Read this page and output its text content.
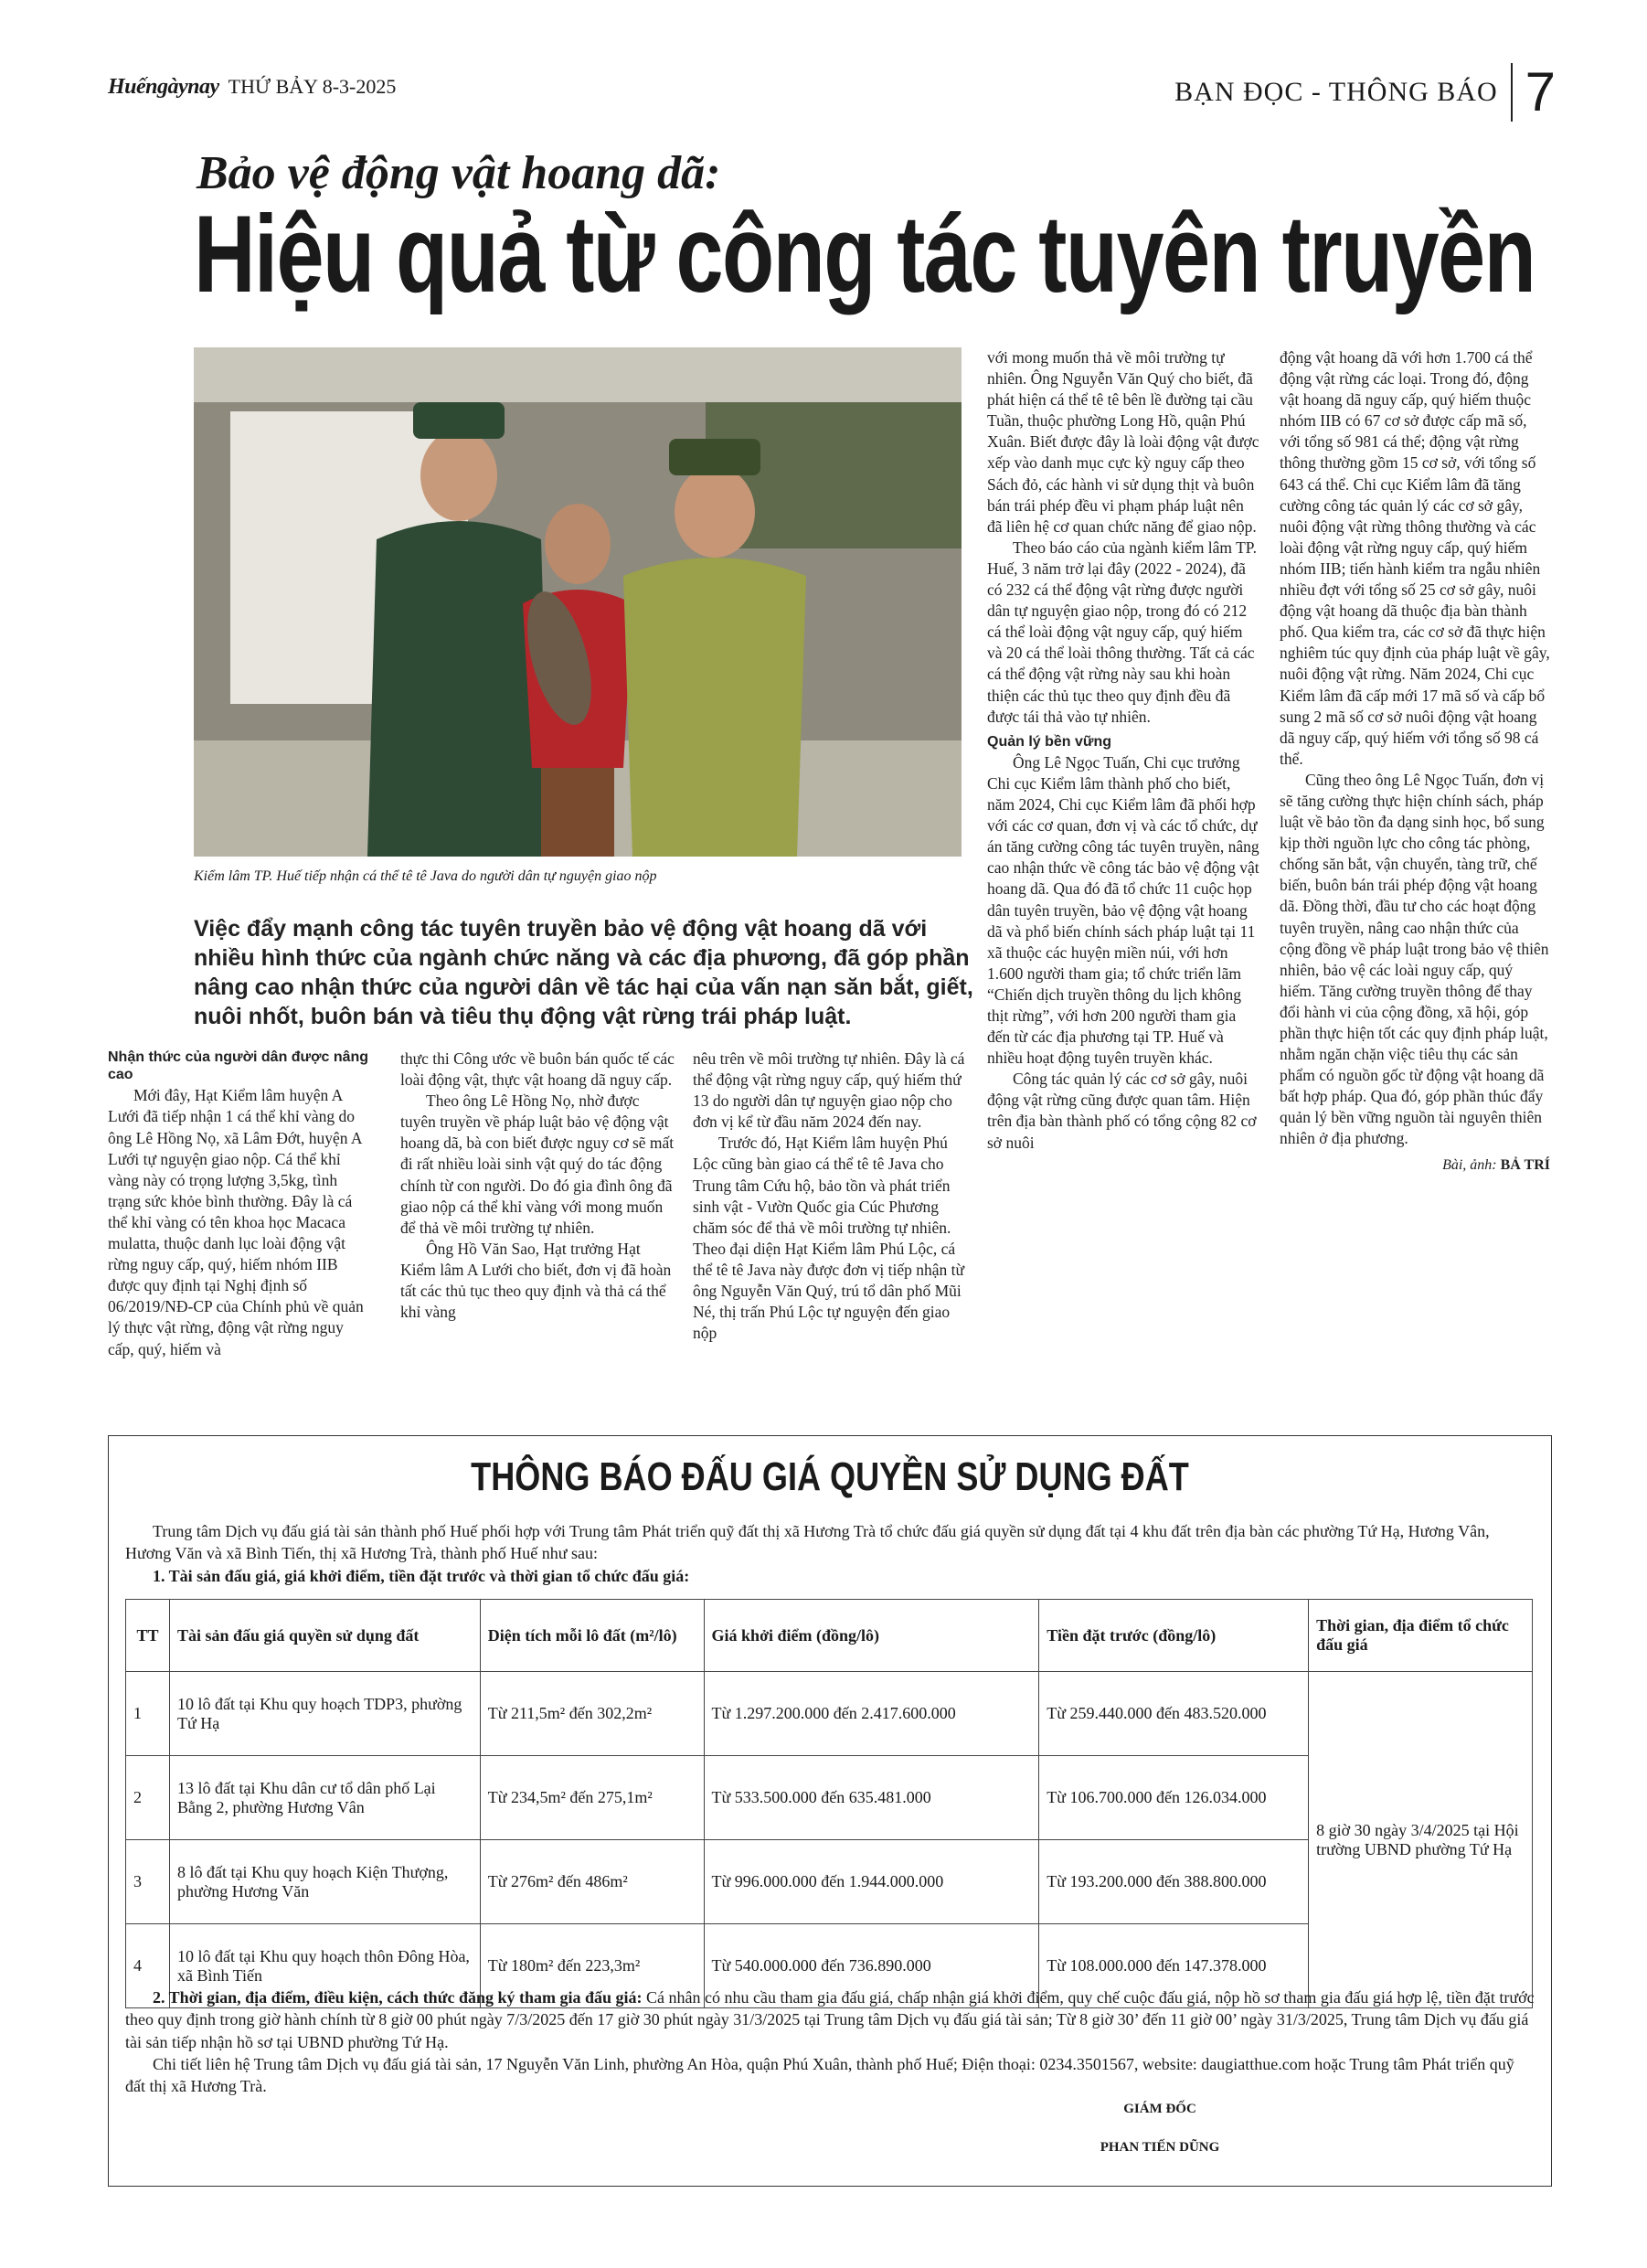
Huếngàynay THỨ BẢY 8-3-2025	BẠN ĐỌC - THÔNG BÁO 7
Bảo vệ động vật hoang dã:
Hiệu quả từ công tác tuyên truyền
Kiểm lâm TP. Huế tiếp nhận cá thể tê tê Java do người dân tự nguyện giao nộp
Việc đẩy mạnh công tác tuyên truyền bảo vệ động vật hoang dã với nhiều hình thức của ngành chức năng và các địa phương, đã góp phần nâng cao nhận thức của người dân về tác hại của vấn nạn săn bắt, giết, nuôi nhốt, buôn bán và tiêu thụ động vật rừng trái pháp luật.
Nhận thức của người dân được nâng cao

Mới đây, Hạt Kiểm lâm huyện A Lưới đã tiếp nhận 1 cá thể khỉ vàng do ông Lê Hồng Nọ, xã Lâm Đớt, huyện A Lưới tự nguyện giao nộp. Cá thể khỉ vàng này có trọng lượng 3,5kg, tình trạng sức khỏe bình thường. Đây là cá thể khỉ vàng có tên khoa học Macaca mulatta, thuộc danh lục loài động vật rừng nguy cấp, quý, hiếm nhóm IIB được quy định tại Nghị định số 06/2019/NĐ-CP của Chính phủ về quản lý thực vật rừng, động vật rừng nguy cấp, quý, hiếm và

thực thi Công ước về buôn bán quốc tế các loài động vật, thực vật hoang dã nguy cấp.

Theo ông Lê Hồng Nọ, nhờ được tuyên truyền về pháp luật bảo vệ động vật hoang dã, bà con biết được nguy cơ sẽ mất đi rất nhiều loài sinh vật quý do tác động chính từ con người. Do đó gia đình ông đã giao nộp cá thể khỉ vàng với mong muốn để thả về môi trường tự nhiên.

Ông Hồ Văn Sao, Hạt trưởng Hạt Kiểm lâm A Lưới cho biết, đơn vị đã hoàn tất các thủ tục theo quy định và thả cá thể khỉ vàng

nêu trên về môi trường tự nhiên. Đây là cá thể động vật rừng nguy cấp, quý hiếm thứ 13 do người dân tự nguyện giao nộp cho đơn vị kể từ đầu năm 2024 đến nay.

Trước đó, Hạt Kiểm lâm huyện Phú Lộc cũng bàn giao cá thể tê tê Java cho Trung tâm Cứu hộ, bảo tồn và phát triển sinh vật - Vườn Quốc gia Cúc Phương chăm sóc để thả về môi trường tự nhiên. Theo đại diện Hạt Kiểm lâm Phú Lộc, cá thể tê tê Java này được đơn vị tiếp nhận từ ông Nguyễn Văn Quý, trú tổ dân phố Mũi Né, thị trấn Phú Lộc tự nguyện đến giao nộp

với mong muốn thả về môi trường tự nhiên. Ông Nguyễn Văn Quý cho biết, đã phát hiện cá thể tê tê bên lề đường tại cầu Tuần, thuộc phường Long Hồ, quận Phú Xuân. Biết được đây là loài động vật được xếp vào danh mục cực kỳ nguy cấp theo Sách đỏ, các hành vi sử dụng thịt và buôn bán trái phép đều vi phạm pháp luật nên đã liên hệ cơ quan chức năng để giao nộp.

Theo báo cáo của ngành kiểm lâm TP. Huế, 3 năm trở lại đây (2022 - 2024), đã có 232 cá thể động vật rừng được người dân tự nguyện giao nộp, trong đó có 212 cá thể loài động vật nguy cấp, quý hiếm và 20 cá thể loài thông thường. Tất cả các cá thể động vật rừng này sau khi hoàn thiện các thủ tục theo quy định đều đã được tái thả vào tự nhiên.

Quản lý bền vững

Ông Lê Ngọc Tuấn, Chi cục trưởng Chi cục Kiểm lâm thành phố cho biết, năm 2024, Chi cục Kiểm lâm đã phối hợp với các cơ quan, đơn vị và các tổ chức, dự án tăng cường công tác tuyên truyền, nâng cao nhận thức về công tác bảo vệ động vật hoang dã. Qua đó đã tổ chức 11 cuộc họp dân tuyên truyền, bảo vệ động vật hoang dã và phổ biến chính sách pháp luật tại 11 xã thuộc các huyện miền núi, với hơn 1.600 người tham gia; tổ chức triển lãm “Chiến dịch truyền thông du lịch không thịt rừng”, với hơn 200 người tham gia đến từ các địa phương tại TP. Huế và nhiều hoạt động tuyên truyền khác.

Công tác quản lý các cơ sở gây, nuôi động vật rừng cũng được quan tâm. Hiện trên địa bàn thành phố có tổng cộng 82 cơ sở nuôi

động vật hoang dã với hơn 1.700 cá thể động vật rừng các loại. Trong đó, động vật hoang dã nguy cấp, quý hiếm thuộc nhóm IIB có 67 cơ sở được cấp mã số, với tổng số 981 cá thể; động vật rừng thông thường gồm 15 cơ sở, với tổng số 643 cá thể. Chi cục Kiểm lâm đã tăng cường công tác quản lý các cơ sở gây, nuôi động vật rừng thông thường và các loài động vật rừng nguy cấp, quý hiếm nhóm IIB; tiến hành kiểm tra ngẫu nhiên nhiều đợt với tổng số 25 cơ sở gây, nuôi động vật hoang dã thuộc địa bàn thành phố. Qua kiểm tra, các cơ sở đã thực hiện nghiêm túc quy định của pháp luật về gây, nuôi động vật rừng. Năm 2024, Chi cục Kiểm lâm đã cấp mới 17 mã số và cấp bổ sung 2 mã số cơ sở nuôi động vật hoang dã nguy cấp, quý hiếm với tổng số 98 cá thể.

Cũng theo ông Lê Ngọc Tuấn, đơn vị sẽ tăng cường thực hiện chính sách, pháp luật về bảo tồn đa dạng sinh học, bổ sung kịp thời nguồn lực cho công tác phòng, chống săn bắt, vận chuyển, tàng trữ, chế biến, buôn bán trái phép động vật hoang dã. Đồng thời, đầu tư cho các hoạt động tuyên truyền, nâng cao nhận thức của cộng đồng về pháp luật trong bảo vệ thiên nhiên, bảo vệ các loài nguy cấp, quý hiếm. Tăng cường truyền thông để thay đổi hành vi của cộng đồng, xã hội, góp phần thực hiện tốt các quy định pháp luật, nhằm ngăn chặn việc tiêu thụ các sản phẩm có nguồn gốc từ động vật hoang dã bất hợp pháp. Qua đó, góp phần thúc đẩy quản lý bền vững nguồn tài nguyên thiên nhiên ở địa phương.

Bài, ảnh: BẢ TRÍ
THÔNG BÁO ĐẤU GIÁ QUYỀN SỬ DỤNG ĐẤT

Trung tâm Dịch vụ đấu giá tài sản thành phố Huế phối hợp với Trung tâm Phát triển quỹ đất thị xã Hương Trà tổ chức đấu giá quyền sử dụng đất tại 4 khu đất trên địa bàn các phường Tứ Hạ, Hương Vân, Hương Văn và xã Bình Tiến, thị xã Hương Trà, thành phố Huế như sau:

1. Tài sản đấu giá, giá khởi điểm, tiền đặt trước và thời gian tổ chức đấu giá:

TT	Tài sản đấu giá quyền sử dụng đất	Diện tích mỗi lô đất (m²/lô)	Giá khởi điểm (đồng/lô)	Tiền đặt trước (đồng/lô)	Thời gian, địa điểm tổ chức đấu giá
1	10 lô đất tại Khu quy hoạch TDP3, phường Tứ Hạ	Từ 211,5m² đến 302,2m²	Từ 1.297.200.000 đến 2.417.600.000	Từ 259.440.000 đến 483.520.000	8 giờ 30 ngày 3/4/2025 tại Hội trường UBND phường Tứ Hạ
2	13 lô đất tại Khu dân cư tổ dân phố Lại Bằng 2, phường Hương Vân	Từ 234,5m² đến 275,1m²	Từ 533.500.000 đến 635.481.000	Từ 106.700.000 đến 126.034.000	
3	8 lô đất tại Khu quy hoạch Kiện Thượng, phường Hương Văn	Từ 276m² đến 486m²	Từ 996.000.000 đến 1.944.000.000	Từ 193.200.000 đến 388.800.000	
4	10 lô đất tại Khu quy hoạch thôn Đông Hòa, xã Bình Tiến	Từ 180m² đến 223,3m²	Từ 540.000.000 đến 736.890.000	Từ 108.000.000 đến 147.378.000	

2. Thời gian, địa điểm, điều kiện, cách thức đăng ký tham gia đấu giá: Cá nhân có nhu cầu tham gia đấu giá, chấp nhận giá khởi điểm, quy chế cuộc đấu giá, nộp hồ sơ tham gia đấu giá hợp lệ, tiền đặt trước theo quy định trong giờ hành chính từ 8 giờ 00 phút ngày 7/3/2025 đến 17 giờ 30 phút ngày 31/3/2025 tại Trung tâm Dịch vụ đấu giá tài sản; Từ 8 giờ 30’ đến 11 giờ 00’ ngày 31/3/2025, Trung tâm Dịch vụ đấu giá tài sản tiếp nhận hồ sơ tại UBND phường Tứ Hạ.

Chi tiết liên hệ Trung tâm Dịch vụ đấu giá tài sản, 17 Nguyễn Văn Linh, phường An Hòa, quận Phú Xuân, thành phố Huế; Điện thoại: 0234.3501567, website: daugiatthue.com hoặc Trung tâm Phát triển quỹ đất thị xã Hương Trà.

GIÁM ĐỐC
PHAN TIẾN DŨNG
